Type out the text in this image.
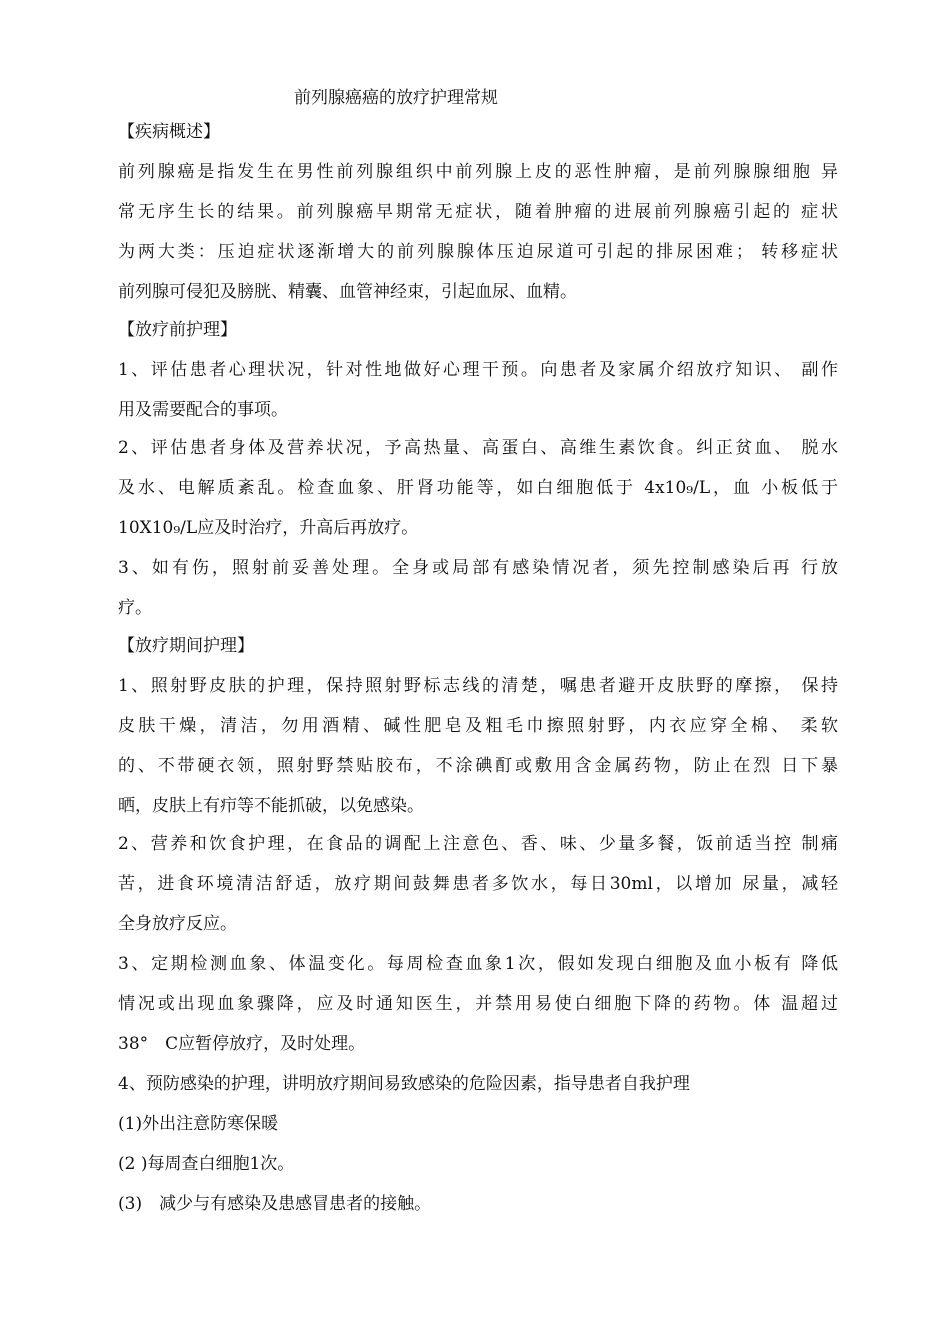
前列腺癌癌的放疗护理常规
【疾病概述】
前列腺癌是指发生在男性前列腺组织中前列腺上皮的恶性肿瘤，是前列腺腺细胞 异
常无序生长的结果。前列腺癌早期常无症状，随着肿瘤的进展前列腺癌引起的 症状
为两大类：压迫症状逐渐增大的前列腺腺体压迫尿道可引起的排尿困难； 转移症状
前列腺可侵犯及膀胱、精囊、血管神经束，引起血尿、血精。
【放疗前护理】
1、评估患者心理状况，针对性地做好心理干预。向患者及家属介绍放疗知识、 副作
用及需要配合的事项。
2、评估患者身体及营养状况，予高热量、高蛋白、高维生素饮食。纠正贫血、 脱水
及水、电解质紊乱。检查血象、肝肾功能等，如白细胞低于 4x10₉/L，血 小板低于
10X10₉/L应及时治疗，升高后再放疗。
3、如有伤，照射前妥善处理。全身或局部有感染情况者，须先控制感染后再 行放
疗。
【放疗期间护理】
1、照射野皮肤的护理，保持照射野标志线的清楚，嘱患者避开皮肤野的摩擦， 保持
皮肤干燥，清洁，勿用酒精、碱性肥皂及粗毛巾擦照射野，内衣应穿全棉、 柔软
的、不带硬衣领，照射野禁贴胶布，不涂碘酊或敷用含金属药物，防止在烈 日下暴
晒，皮肤上有疖等不能抓破，以免感染。
2、营养和饮食护理，在食品的调配上注意色、香、味、少量多餐，饭前适当控 制痛
苦，进食环境清洁舒适，放疗期间鼓舞患者多饮水，每日30ml，以增加 尿量，减轻
全身放疗反应。
3、定期检测血象、体温变化。每周检查血象1次，假如发现白细胞及血小板有 降低
情况或出现血象骤降，应及时通知医生，并禁用易使白细胞下降的药物。体 温超过
38°　C应暂停放疗，及时处理。
4、预防感染的护理，讲明放疗期间易致感染的危险因素，指导患者自我护理
(1)外出注意防寒保暖
(2 )每周查白细胞1次。
(3)　减少与有感染及患感冒患者的接触。
